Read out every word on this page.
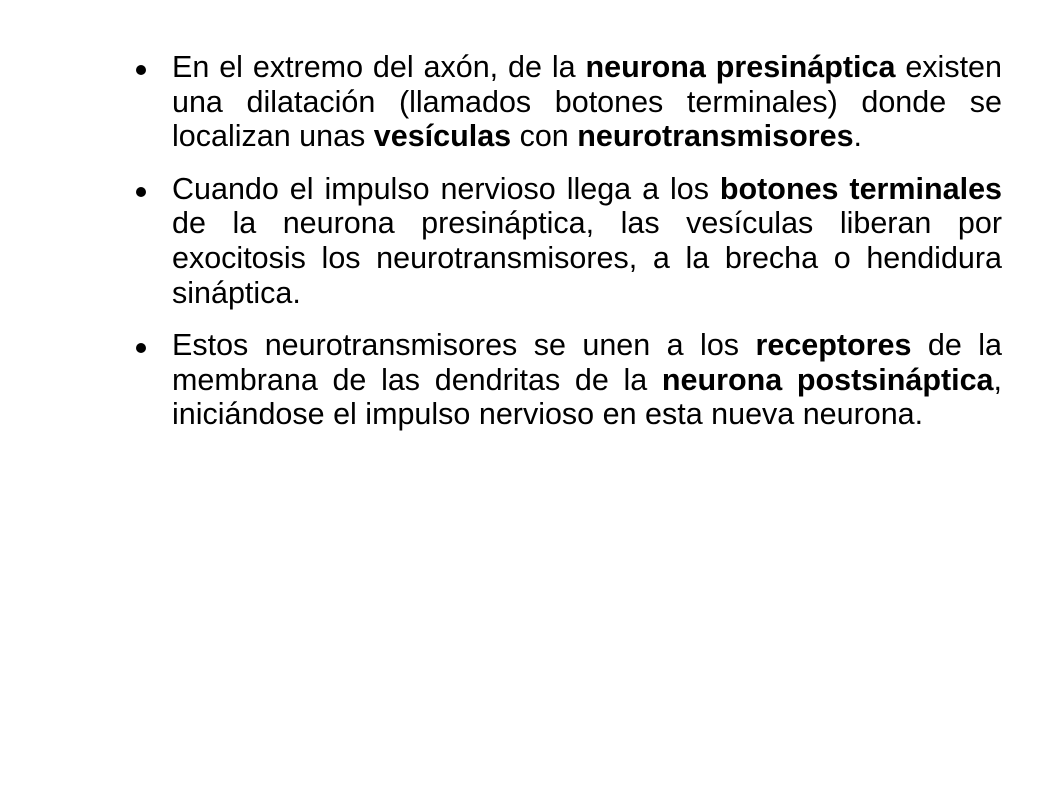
En el extremo del axón, de la neurona presináptica existen una dilatación (llamados botones terminales) donde se localizan unas vesículas con neurotransmisores.
Cuando el impulso nervioso llega a los botones terminales de la neurona presináptica, las vesículas liberan por exocitosis los neurotransmisores, a la brecha o hendidura sináptica.
Estos neurotransmisores se unen a los receptores de la membrana de las dendritas de la neurona postsináptica, iniciándose el impulso nervioso en esta nueva neurona.
